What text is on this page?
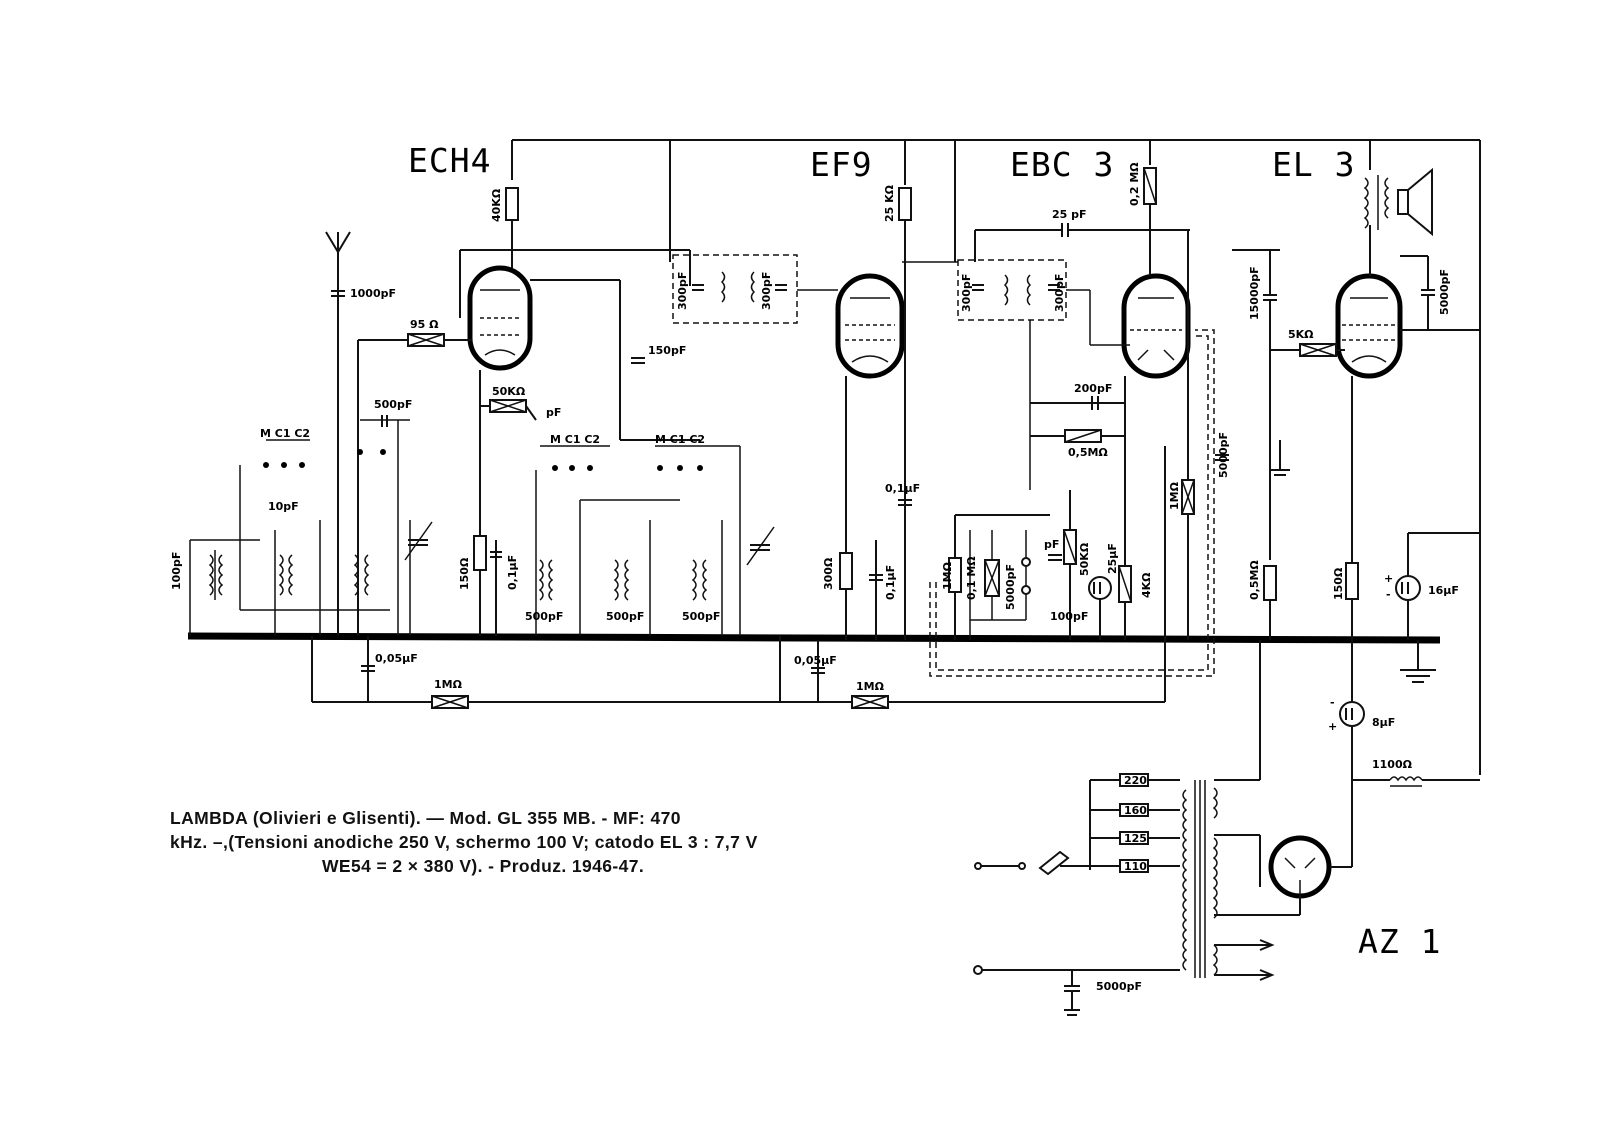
ECH4	EF9	EBC 3	EL 3
AZ 1
1000pF
40KΩ
95 Ω
150pF
50KΩ
pF
150Ω	0,1μF
100pF
10pF
M C1 C2
500pF
M C1 C2	M C1 C2
500pF	500pF	500pF
300pF	300pF
25 KΩ
0,1μF
300Ω	0,1μF
300pF	300pF
0,2 MΩ
25 pF
200pF
0,5MΩ
1MΩ 0,1 MΩ 5000pF
50KΩ
pF	25μF
4KΩ
100pF
1MΩ
5000pF
15000pF
5KΩ
0,5MΩ
5000pF
150Ω	+
-	16μF
0,05μF
1MΩ
0,05μF
1MΩ
-
+	8μF
1100Ω
220
160
125
110
5000pF
LAMBDA (Olivieri e Glisenti). — Mod. GL 355 MB. - MF: 470
kHz. –,(Tensioni anodiche 250 V, schermo 100 V; catodo EL 3 : 7,7 V
WE54 = 2 × 380 V). - Produz. 1946-47.
